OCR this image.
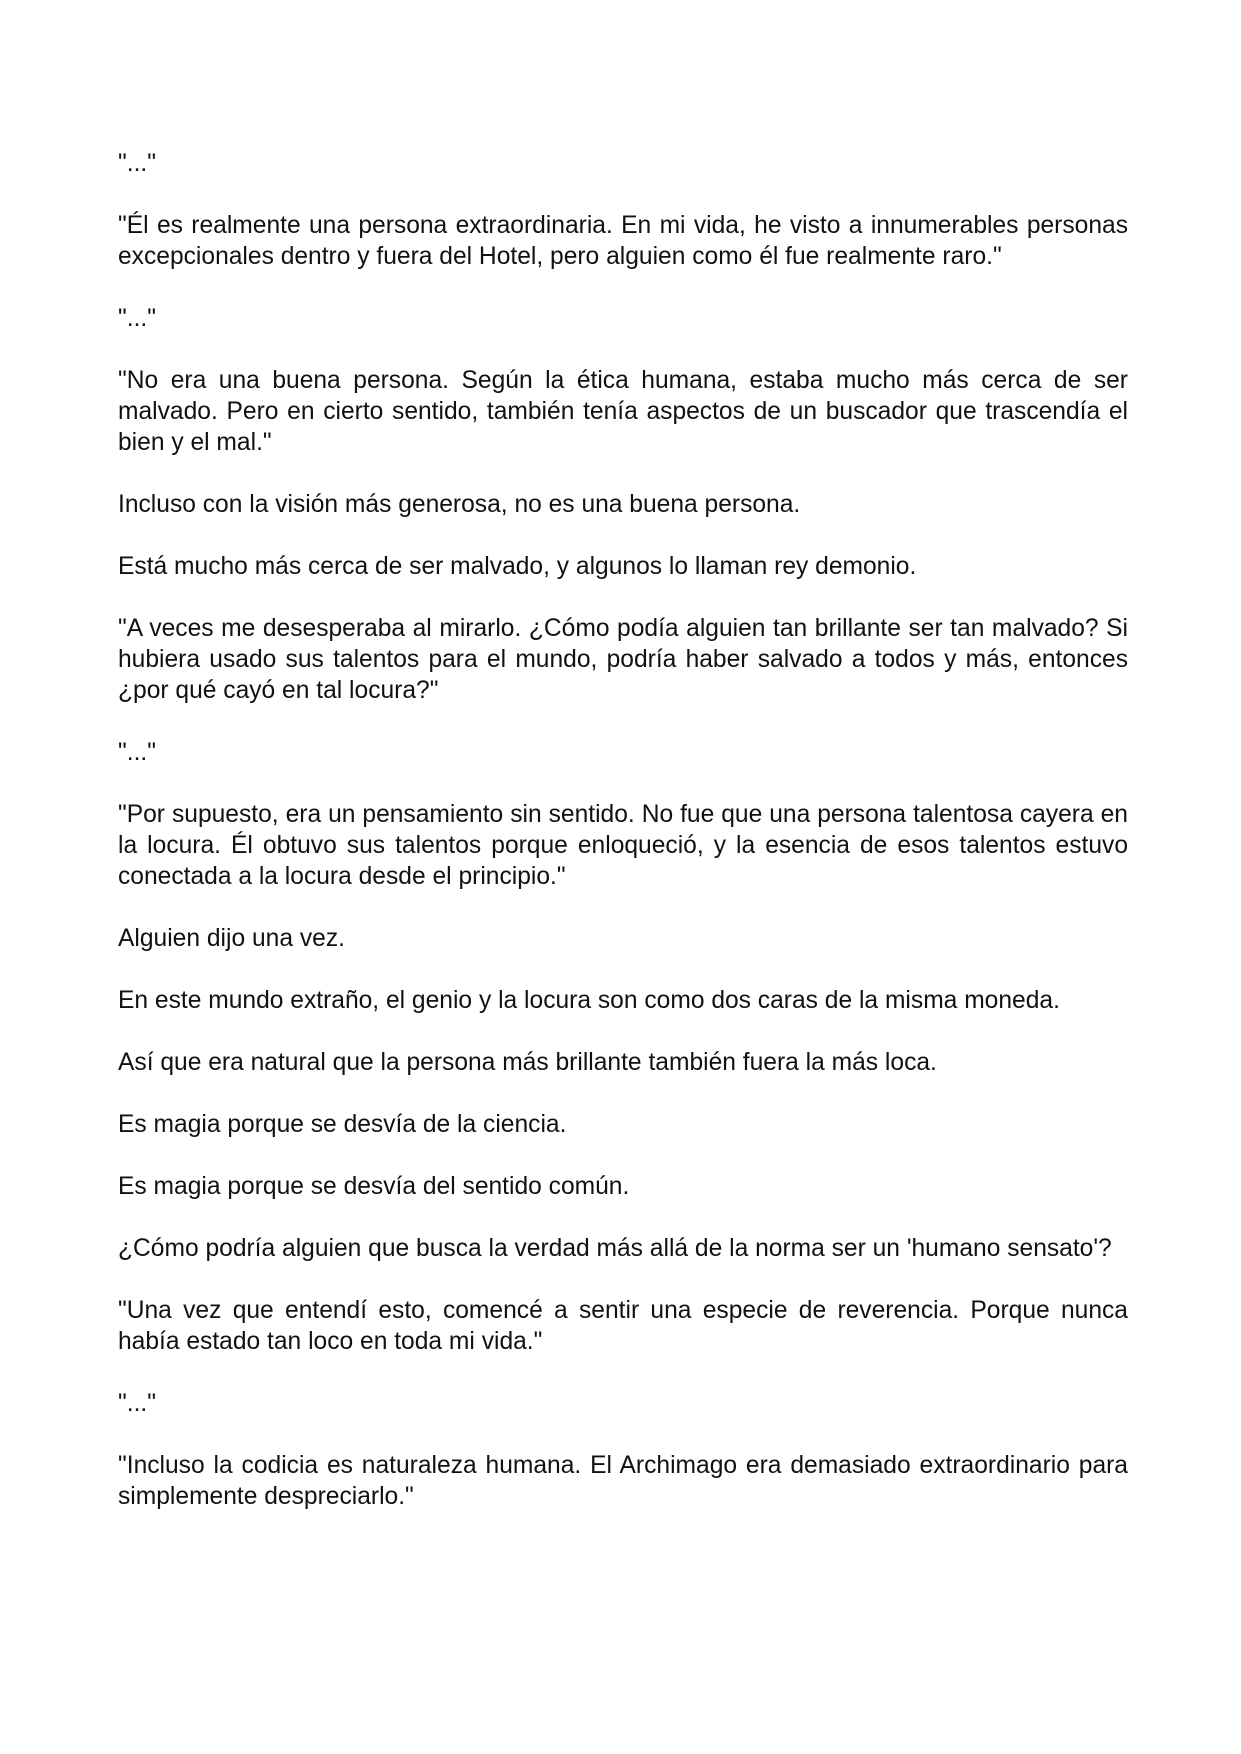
"..."

"Él es realmente una persona extraordinaria. En mi vida, he visto a innumerables personas excepcionales dentro y fuera del Hotel, pero alguien como él fue realmente raro."

"..."

"No era una buena persona. Según la ética humana, estaba mucho más cerca de ser malvado. Pero en cierto sentido, también tenía aspectos de un buscador que trascendía el bien y el mal."

Incluso con la visión más generosa, no es una buena persona.

Está mucho más cerca de ser malvado, y algunos lo llaman rey demonio.

"A veces me desesperaba al mirarlo. ¿Cómo podía alguien tan brillante ser tan malvado? Si hubiera usado sus talentos para el mundo, podría haber salvado a todos y más, entonces ¿por qué cayó en tal locura?"

"..."

"Por supuesto, era un pensamiento sin sentido. No fue que una persona talentosa cayera en la locura. Él obtuvo sus talentos porque enloqueció, y la esencia de esos talentos estuvo conectada a la locura desde el principio."

Alguien dijo una vez.

En este mundo extraño, el genio y la locura son como dos caras de la misma moneda.

Así que era natural que la persona más brillante también fuera la más loca.

Es magia porque se desvía de la ciencia.

Es magia porque se desvía del sentido común.

¿Cómo podría alguien que busca la verdad más allá de la norma ser un 'humano sensato'?

"Una vez que entendí esto, comencé a sentir una especie de reverencia. Porque nunca había estado tan loco en toda mi vida."

"..."

"Incluso la codicia es naturaleza humana. El Archimago era demasiado extraordinario para simplemente despreciarlo."
